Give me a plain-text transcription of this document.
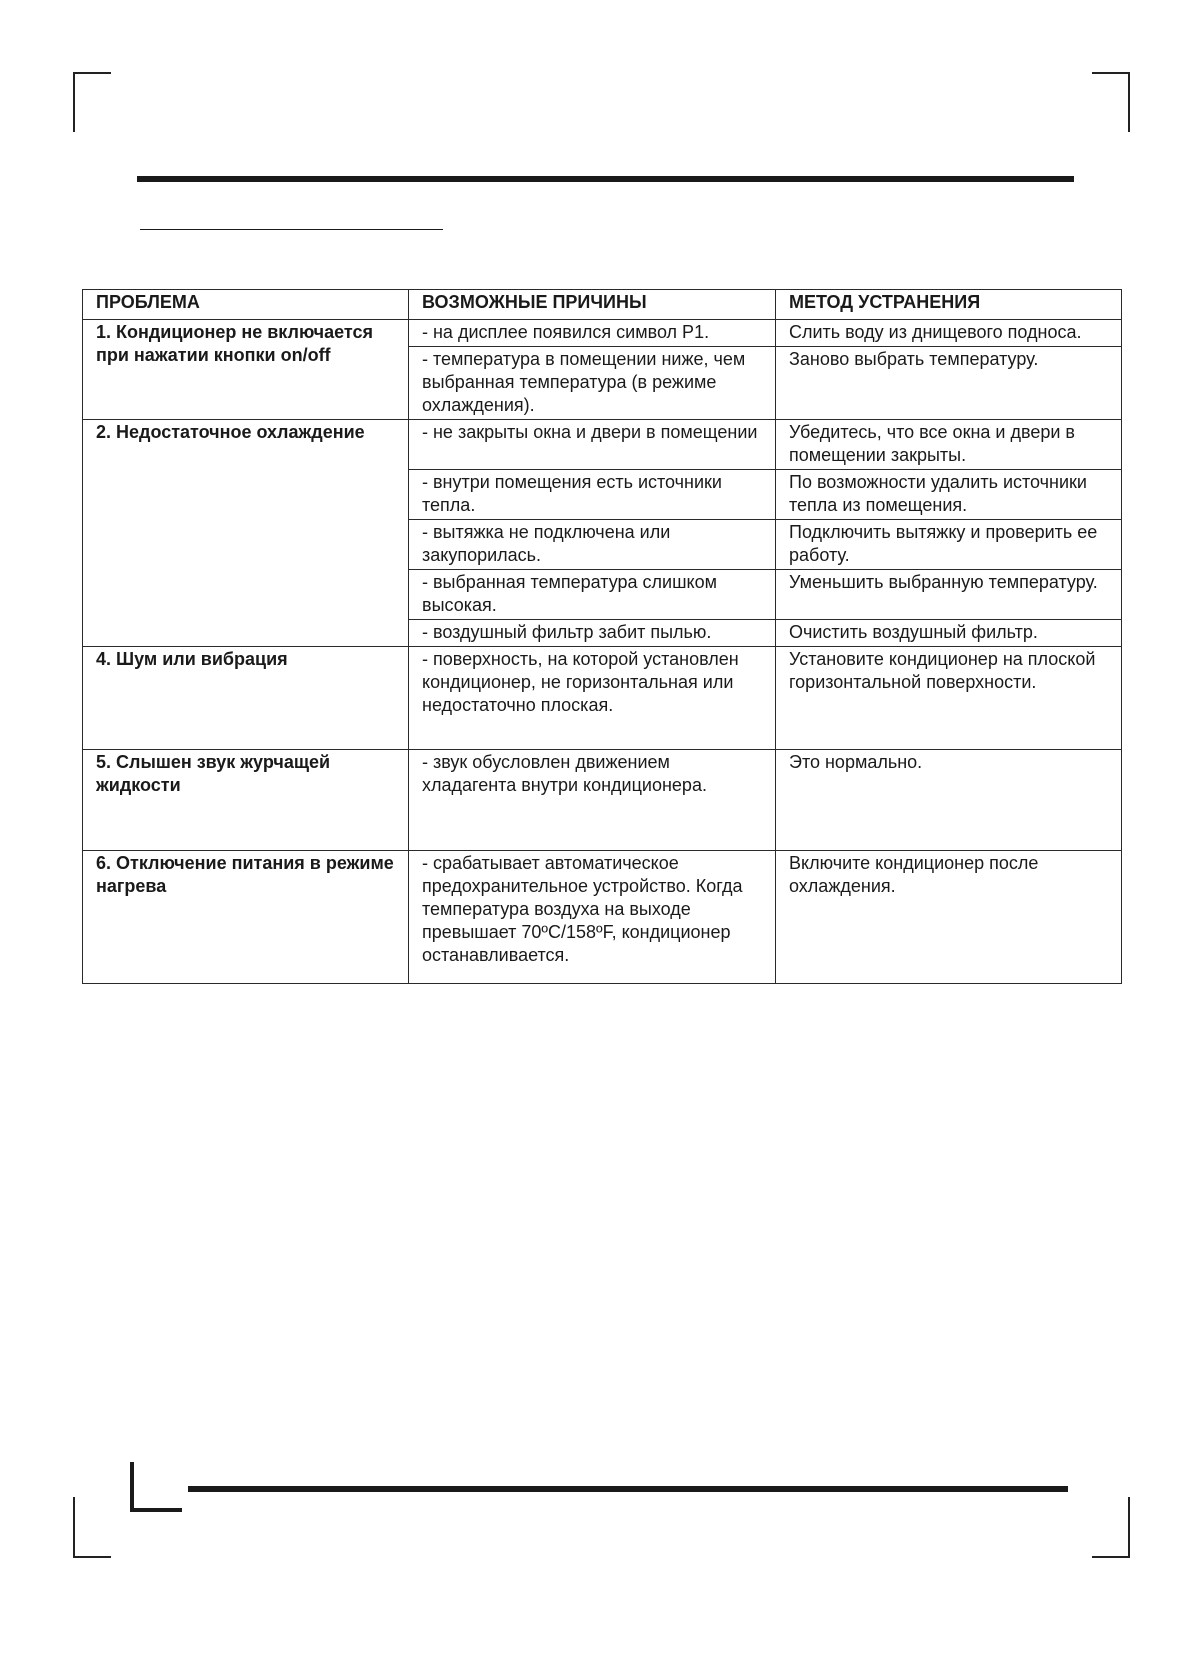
ПРОБЛЕМА	ВОЗМОЖНЫЕ ПРИЧИНЫ	МЕТОД УСТРАНЕНИЯ
1. Кондиционер не включается при нажатии кнопки on/off	- на дисплее появился символ Р1.	Слить воду из днищевого подноса.
	- температура в помещении ниже, чем выбранная температура (в режиме охлаждения).	Заново выбрать температуру.
2. Недостаточное охлаждение	- не закрыты окна и двери в помещении	Убедитесь, что все окна и двери в помещении закрыты.
	- внутри помещения есть источники тепла.	По возможности удалить источники тепла из помещения.
	- вытяжка не подключена или закупорилась.	Подключить вытяжку и проверить ее работу.
	- выбранная температура слишком высокая.	Уменьшить выбранную температуру.
	- воздушный фильтр забит пылью.	Очистить воздушный фильтр.
4. Шум или вибрация	- поверхность, на которой установлен кондиционер, не горизонтальная или недостаточно плоская.	Установите кондиционер на плоской горизонтальной поверхности.
5. Слышен звук журчащей жидкости	- звук обусловлен движением хладагента внутри кондиционера.	Это нормально.
6. Отключение питания в режиме нагрева	- срабатывает автоматическое предохранительное устройство. Когда температура воздуха на выходе превышает 70ºC/158ºF, кондиционер останавливается.	Включите кондиционер после охлаждения.
